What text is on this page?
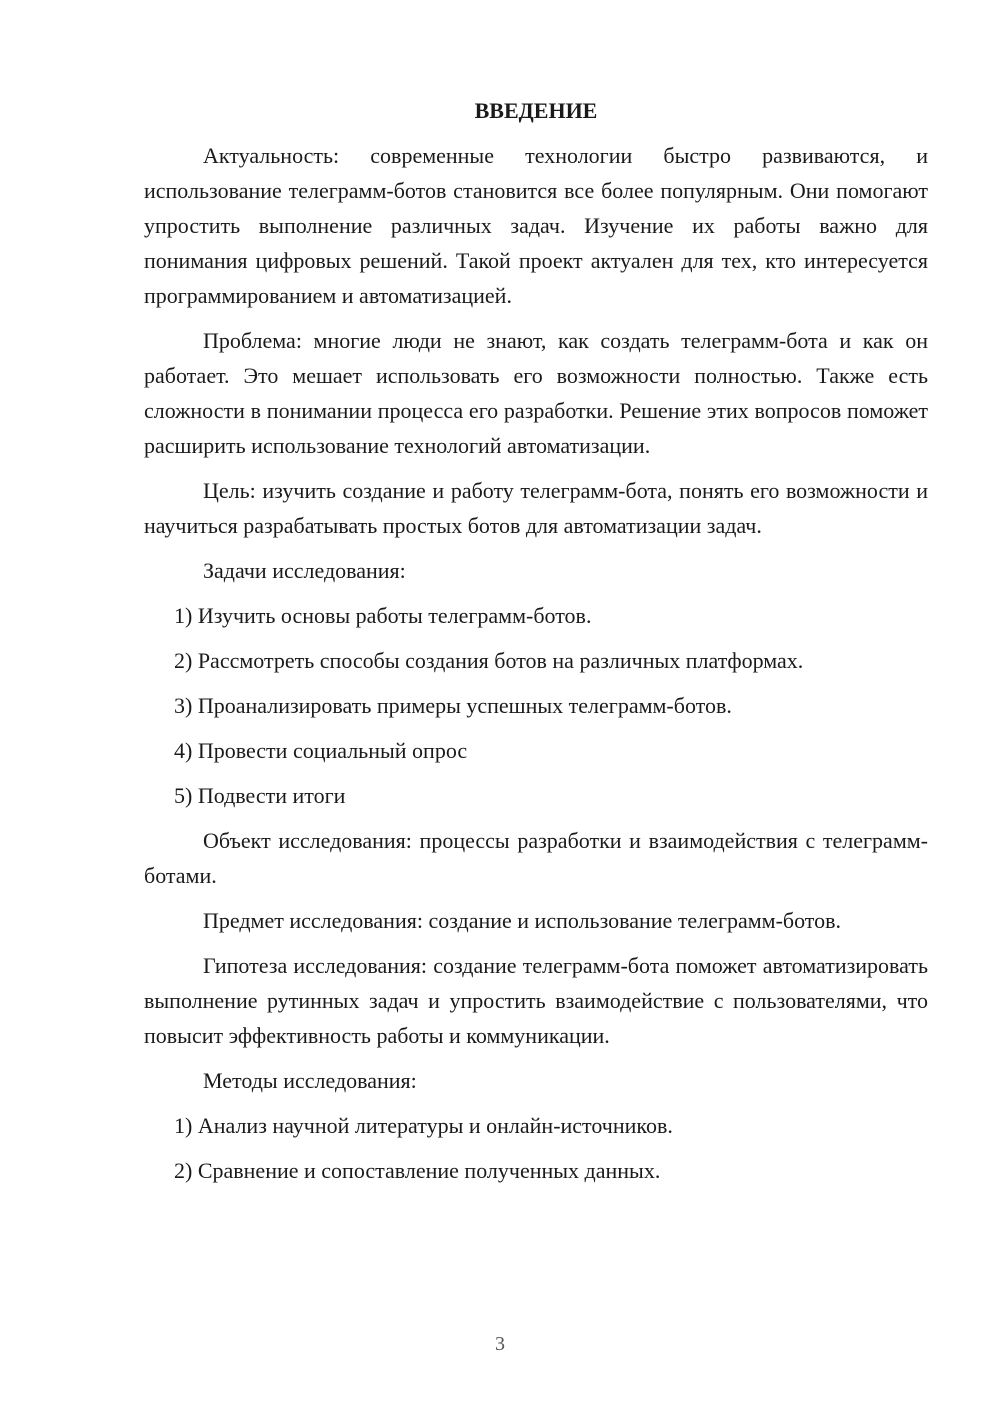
ВВЕДЕНИЕ

Актуальность: современные технологии быстро развиваются, и использование телеграмм-ботов становится все более популярным. Они помогают упростить выполнение различных задач. Изучение их работы важно для понимания цифровых решений. Такой проект актуален для тех, кто интересуется программированием и автоматизацией.

Проблема: многие люди не знают, как создать телеграмм-бота и как он работает. Это мешает использовать его возможности полностью. Также есть сложности в понимании процесса его разработки. Решение этих вопросов поможет расширить использование технологий автоматизации.

Цель: изучить создание и работу телеграмм-бота, понять его возможности и научиться разрабатывать простых ботов для автоматизации задач.

Задачи исследования:
1) Изучить основы работы телеграмм-ботов.
2) Рассмотреть способы создания ботов на различных платформах.
3) Проанализировать примеры успешных телеграмм-ботов.
4) Провести социальный опрос
5) Подвести итоги

Объект исследования: процессы разработки и взаимодействия с телеграмм-ботами.

Предмет исследования: создание и использование телеграмм-ботов.

Гипотеза исследования: создание телеграмм-бота поможет автоматизировать выполнение рутинных задач и упростить взаимодействие с пользователями, что повысит эффективность работы и коммуникации.

Методы исследования:
1) Анализ научной литературы и онлайн-источников.
2) Сравнение и сопоставление полученных данных.
3
